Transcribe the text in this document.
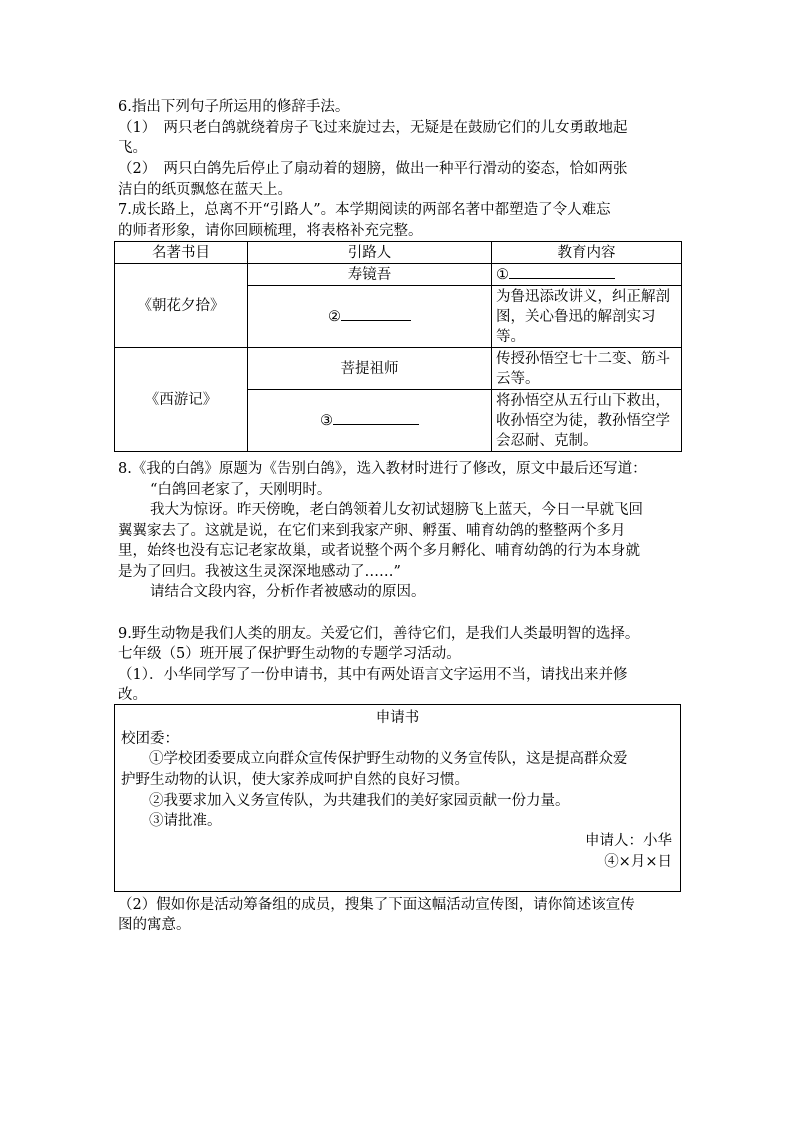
6.指出下列句子所运用的修辞手法。
（1）　两只老白鸽就绕着房子飞过来旋过去，无疑是在鼓励它们的儿女勇敢地起
飞。
（2）　两只白鸽先后停止了扇动着的翅膀，做出一种平行滑动的姿态，恰如两张
洁白的纸页飘悠在蓝天上。
7.成长路上，总离不开“引路人”。本学期阅读的两部名著中都塑造了令人难忘
的师者形象，请你回顾梳理，将表格补充完整。
名著书目	引路人	教育内容
《朝花夕拾》	寿镜吾	①
	②	为鲁迅添改讲义，纠正解剖图，关心鲁迅的解剖实习等。
《西游记》	菩提祖师	传授孙悟空七十二变、筋斗云等。
	③	将孙悟空从五行山下救出，收孙悟空为徒，教孙悟空学会忍耐、克制。
8.《我的白鸽》原题为《告别白鸽》，选入教材时进行了修改，原文中最后还写道：
“白鸽回老家了，天刚明时。
我大为惊讶。昨天傍晚，老白鸽领着儿女初试翅膀飞上蓝天，今日一早就飞回
翼翼家去了。这就是说，在它们来到我家产卵、孵蛋、哺育幼鸽的整整两个多月
里，始终也没有忘记老家故巢，或者说整个两个多月孵化、哺育幼鸽的行为本身就
是为了回归。我被这生灵深深地感动了……”
请结合文段内容，分析作者被感动的原因。
9.野生动物是我们人类的朋友。关爱它们，善待它们，是我们人类最明智的选择。
七年级（5）班开展了保护野生动物的专题学习活动。
（1）．小华同学写了一份申请书，其中有两处语言文字运用不当，请找出来并修
改。
申请书
校团委：
①学校团委要成立向群众宣传保护野生动物的义务宣传队，这是提高群众爱
护野生动物的认识，使大家养成呵护自然的良好习惯。
②我要求加入义务宣传队，为共建我们的美好家园贡献一份力量。
③请批准。
申请人：小华
④×月×日
（2）假如你是活动筹备组的成员，搜集了下面这幅活动宣传图，请你简述该宣传
图的寓意。
